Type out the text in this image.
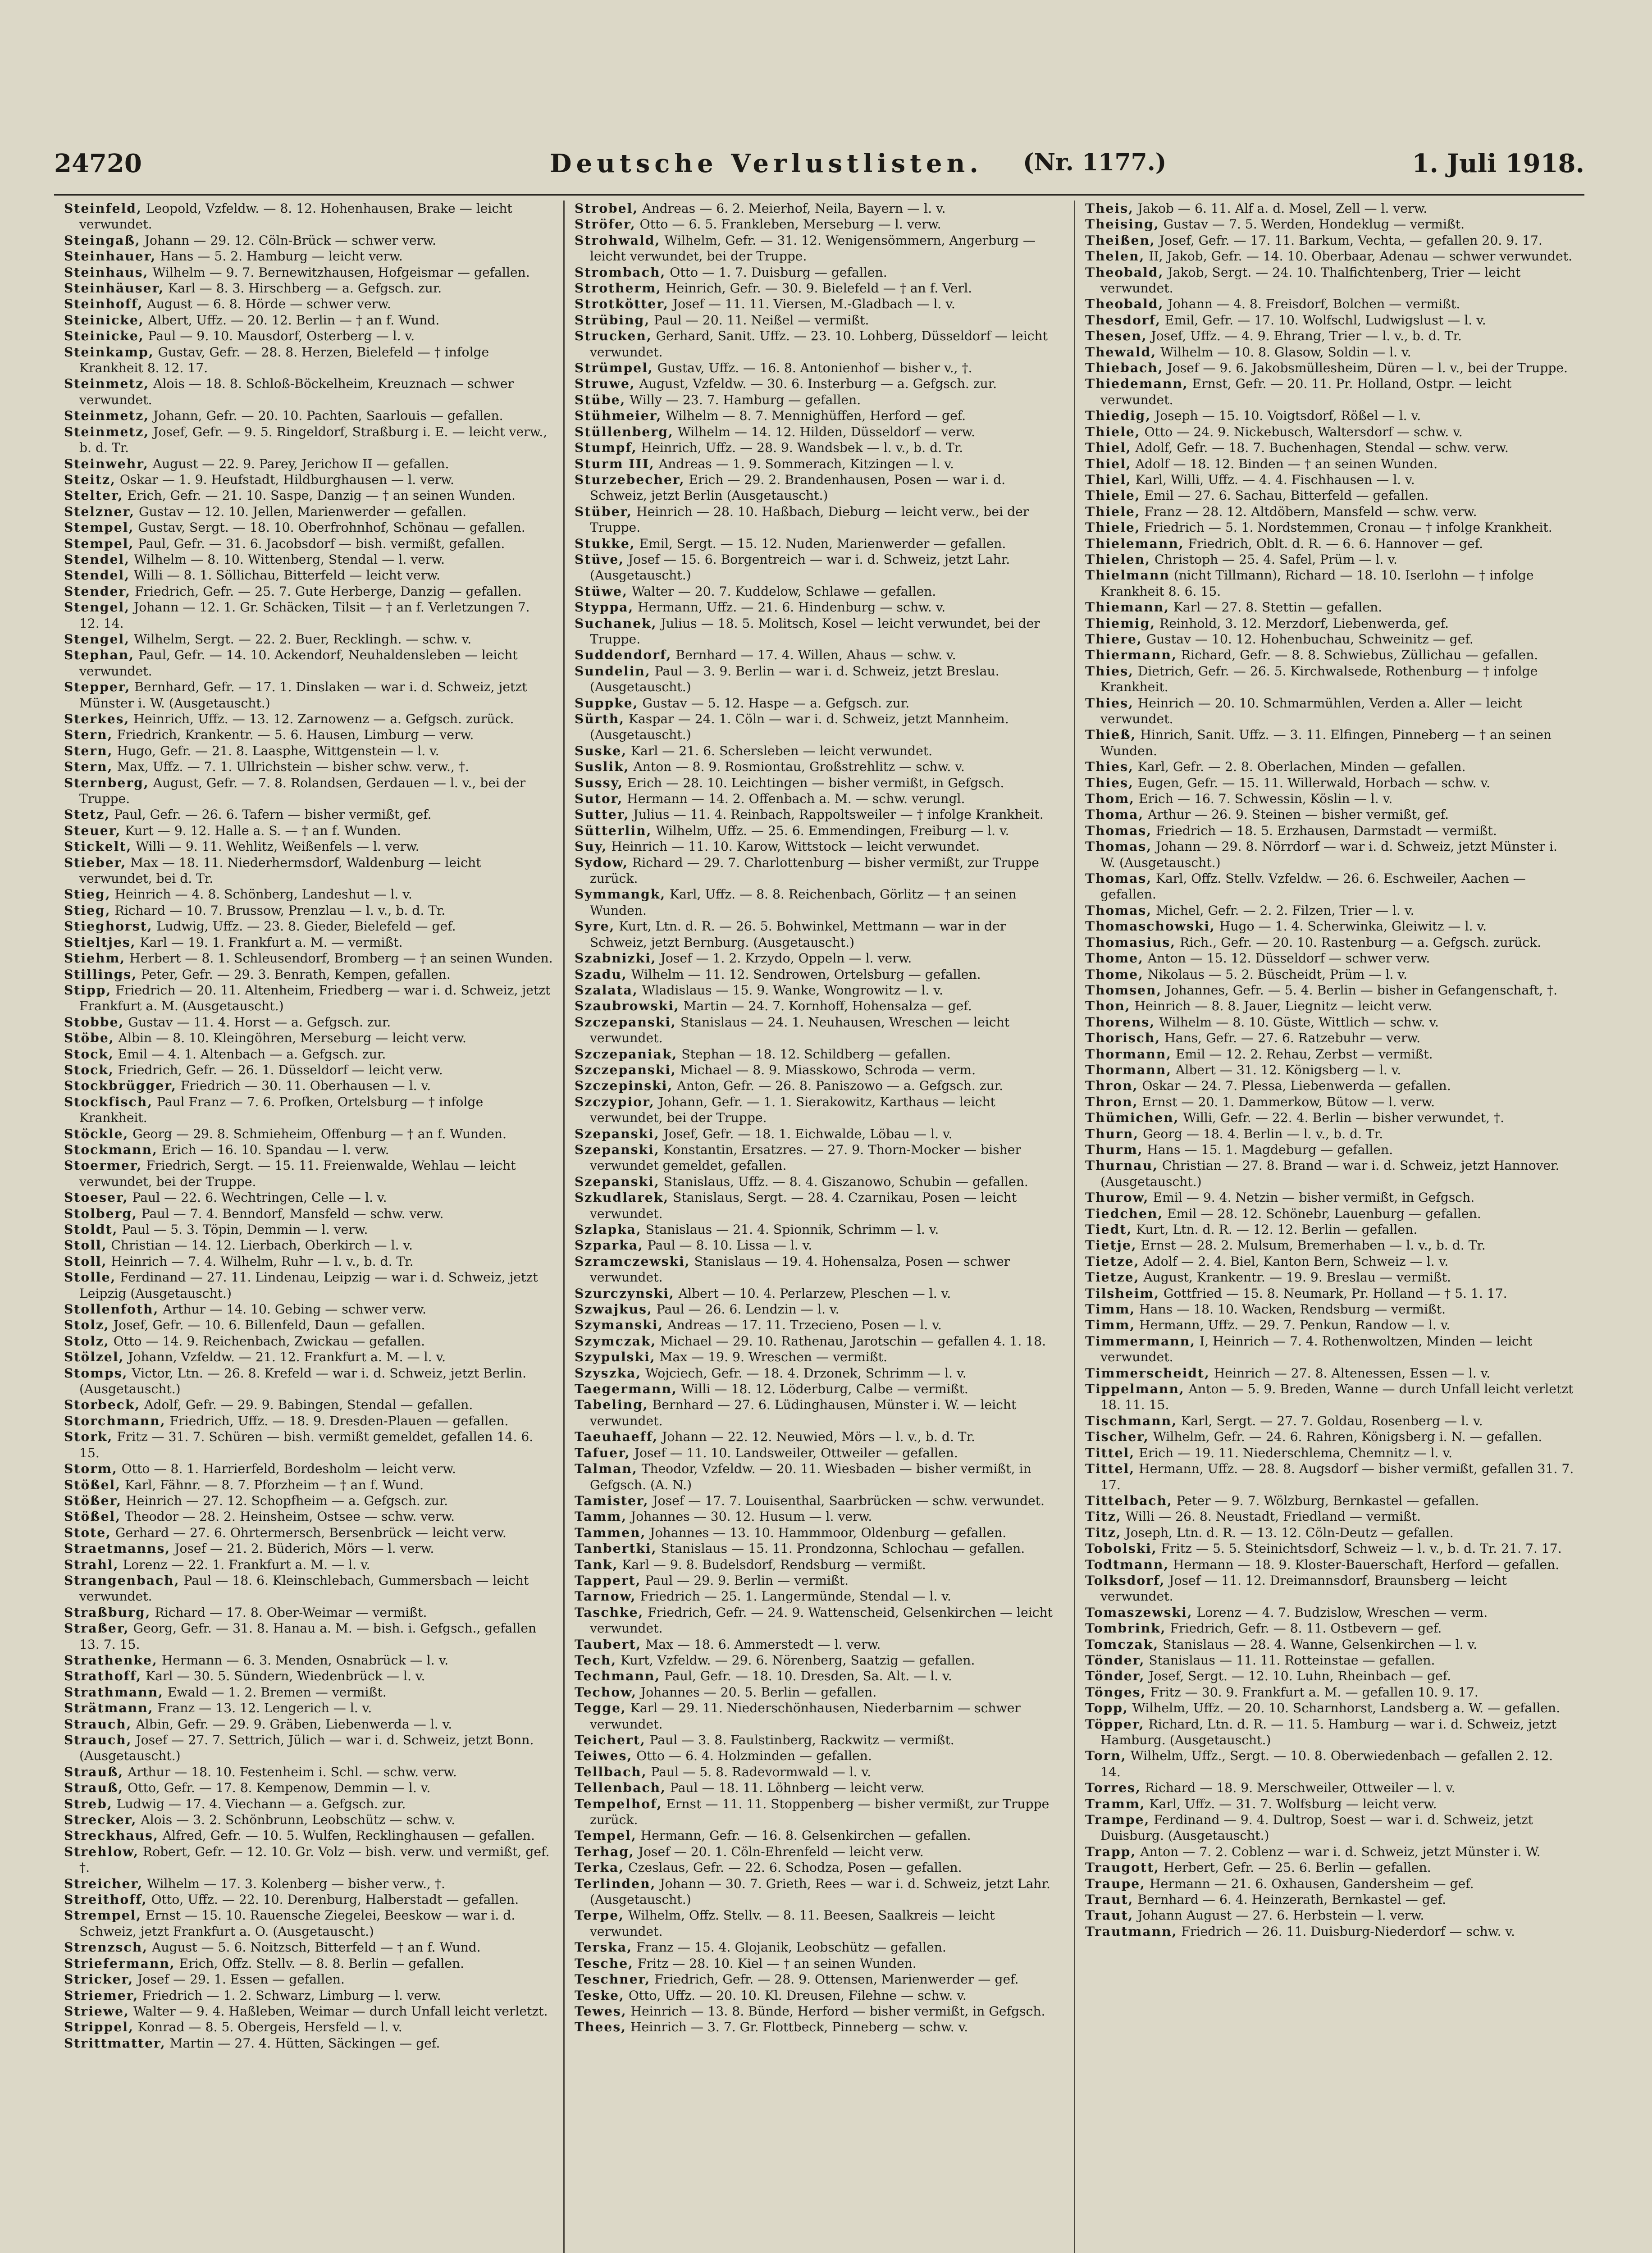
24720	Deutsche Verlustlisten. (Nr. 1177.)	1. Juli 1918.
Steinfeld, Leopold, Vzfeldw. — 8. 12. Hohenhausen, Brake — leicht verwundet.
Steingaß, Johann — 29. 12. Cöln-Brück — schwer verw.
Steinhauer, Hans — 5. 2. Hamburg — leicht verw.
Steinhaus, Wilhelm — 9. 7. Bernewitzhausen, Hofgeismar — gefallen.
Steinhäuser, Karl — 8. 3. Hirschberg — a. Gefgsch. zur.
Steinhoff, August — 6. 8. Hörde — schwer verw.
Steinicke, Albert, Uffz. — 20. 12. Berlin — † an f. Wund.
Steinicke, Paul — 9. 10. Mausdorf, Osterberg — l. v.
Steinkamp, Gustav, Gefr. — 28. 8. Herzen, Bielefeld — † infolge Krankheit 8. 12. 17.
Steinmetz, Alois — 18. 8. Schloß-Böckelheim, Kreuznach — schwer verwundet.
Steinmetz, Johann, Gefr. — 20. 10. Pachten, Saarlouis — gefallen.
Steinmetz, Josef, Gefr. — 9. 5. Ringeldorf, Straßburg i. E. — leicht verw., b. d. Tr.
Steinwehr, August — 22. 9. Parey, Jerichow II — gefallen.
Steitz, Oskar — 1. 9. Heufstadt, Hildburghausen — l. verw.
Stelter, Erich, Gefr. — 21. 10. Saspe, Danzig — † an seinen Wunden.
Stelzner, Gustav — 12. 10. Jellen, Marienwerder — gefallen.
Stempel, Gustav, Sergt. — 18. 10. Oberfrohnhof, Schönau — gefallen.
Stempel, Paul, Gefr. — 31. 6. Jacobsdorf — bish. vermißt, gefallen.
Stendel, Wilhelm — 8. 10. Wittenberg, Stendal — l. verw.
Stendel, Willi — 8. 1. Söllichau, Bitterfeld — leicht verw.
Stender, Friedrich, Gefr. — 25. 7. Gute Herberge, Danzig — gefallen.
Stengel, Johann — 12. 1. Gr. Schäcken, Tilsit — † an f. Verletzungen 7. 12. 14.
Stengel, Wilhelm, Sergt. — 22. 2. Buer, Recklingh. — schw. v.
Stephan, Paul, Gefr. — 14. 10. Ackendorf, Neuhaldensleben — leicht verwundet.
Stepper, Bernhard, Gefr. — 17. 1. Dinslaken — war i. d. Schweiz, jetzt Münster i. W. (Ausgetauscht.)
Sterkes, Heinrich, Uffz. — 13. 12. Zarnowenz — a. Gefgsch. zurück.
Stern, Friedrich, Krankentr. — 5. 6. Hausen, Limburg — verw.
Stern, Hugo, Gefr. — 21. 8. Laasphe, Wittgenstein — l. v.
Stern, Max, Uffz. — 7. 1. Ullrichstein — bisher schw. verw., †.
Sternberg, August, Gefr. — 7. 8. Rolandsen, Gerdauen — l. v., bei der Truppe.
Stetz, Paul, Gefr. — 26. 6. Tafern — bisher vermißt, gef.
Steuer, Kurt — 9. 12. Halle a. S. — † an f. Wunden.
Stickelt, Willi — 9. 11. Wehlitz, Weißenfels — l. verw.
Stieber, Max — 18. 11. Niederhermsdorf, Waldenburg — leicht verwundet, bei d. Tr.
Stieg, Heinrich — 4. 8. Schönberg, Landeshut — l. v.
Stieg, Richard — 10. 7. Brussow, Prenzlau — l. v., b. d. Tr.
Stieghorst, Ludwig, Uffz. — 23. 8. Gieder, Bielefeld — gef.
Stieltjes, Karl — 19. 1. Frankfurt a. M. — vermißt.
Stiehm, Herbert — 8. 1. Schleusendorf, Bromberg — † an seinen Wunden.
Stillings, Peter, Gefr. — 29. 3. Benrath, Kempen, gefallen.
Stipp, Friedrich — 20. 11. Altenheim, Friedberg — war i. d. Schweiz, jetzt Frankfurt a. M. (Ausgetauscht.)
Stobbe, Gustav — 11. 4. Horst — a. Gefgsch. zur.
Stöbe, Albin — 8. 10. Kleingöhren, Merseburg — leicht verw.
Stock, Emil — 4. 1. Altenbach — a. Gefgsch. zur.
Stock, Friedrich, Gefr. — 26. 1. Düsseldorf — leicht verw.
Stockbrügger, Friedrich — 30. 11. Oberhausen — l. v.
Stockfisch, Paul Franz — 7. 6. Profken, Ortelsburg — † infolge Krankheit.
Stöckle, Georg — 29. 8. Schmieheim, Offenburg — † an f. Wunden.
Stockmann, Erich — 16. 10. Spandau — l. verw.
Stoermer, Friedrich, Sergt. — 15. 11. Freienwalde, Wehlau — leicht verwundet, bei der Truppe.
Stoeser, Paul — 22. 6. Wechtringen, Celle — l. v.
Stolberg, Paul — 7. 4. Benndorf, Mansfeld — schw. verw.
Stoldt, Paul — 5. 3. Töpin, Demmin — l. verw.
Stoll, Christian — 14. 12. Lierbach, Oberkirch — l. v.
Stoll, Heinrich — 7. 4. Wilhelm, Ruhr — l. v., b. d. Tr.
Stolle, Ferdinand — 27. 11. Lindenau, Leipzig — war i. d. Schweiz, jetzt Leipzig (Ausgetauscht.)
Stollenfoth, Arthur — 14. 10. Gebing — schwer verw.
Stolz, Josef, Gefr. — 10. 6. Billenfeld, Daun — gefallen.
Stolz, Otto — 14. 9. Reichenbach, Zwickau — gefallen.
Stölzel, Johann, Vzfeldw. — 21. 12. Frankfurt a. M. — l. v.
Stomps, Victor, Ltn. — 26. 8. Krefeld — war i. d. Schweiz, jetzt Berlin. (Ausgetauscht.)
Storbeck, Adolf, Gefr. — 29. 9. Babingen, Stendal — gefallen.
Storchmann, Friedrich, Uffz. — 18. 9. Dresden-Plauen — gefallen.
Stork, Fritz — 31. 7. Schüren — bish. vermißt gemeldet, gefallen 14. 6. 15.
Storm, Otto — 8. 1. Harrierfeld, Bordesholm — leicht verw.
Stößel, Karl, Fähnr. — 8. 7. Pforzheim — † an f. Wund.
Stößer, Heinrich — 27. 12. Schopfheim — a. Gefgsch. zur.
Stößel, Theodor — 28. 2. Heinsheim, Ostsee — schw. verw.
Stote, Gerhard — 27. 6. Ohrtermersch, Bersenbrück — leicht verw.
Straetmanns, Josef — 21. 2. Büderich, Mörs — l. verw.
Strahl, Lorenz — 22. 1. Frankfurt a. M. — l. v.
Strangenbach, Paul — 18. 6. Kleinschlebach, Gummersbach — leicht verwundet.
Straßburg, Richard — 17. 8. Ober-Weimar — vermißt.
Straßer, Georg, Gefr. — 31. 8. Hanau a. M. — bish. i. Gefgsch., gefallen 13. 7. 15.
Strathenke, Hermann — 6. 3. Menden, Osnabrück — l. v.
Strathoff, Karl — 30. 5. Sündern, Wiedenbrück — l. v.
Strathmann, Ewald — 1. 2. Bremen — vermißt.
Strätmann, Franz — 13. 12. Lengerich — l. v.
Strauch, Albin, Gefr. — 29. 9. Gräben, Liebenwerda — l. v.
Strauch, Josef — 27. 7. Settrich, Jülich — war i. d. Schweiz, jetzt Bonn. (Ausgetauscht.)
Strauß, Arthur — 18. 10. Festenheim i. Schl. — schw. verw.
Strauß, Otto, Gefr. — 17. 8. Kempenow, Demmin — l. v.
Streb, Ludwig — 17. 4. Viechann — a. Gefgsch. zur.
Strecker, Alois — 3. 2. Schönbrunn, Leobschütz — schw. v.
Streckhaus, Alfred, Gefr. — 10. 5. Wulfen, Recklinghausen — gefallen.
Strehlow, Robert, Gefr. — 12. 10. Gr. Volz — bish. verw. und vermißt, gef. †.
Streicher, Wilhelm — 17. 3. Kolenberg — bisher verw., †.
Streithoff, Otto, Uffz. — 22. 10. Derenburg, Halberstadt — gefallen.
Strempel, Ernst — 15. 10. Rauensche Ziegelei, Beeskow — war i. d. Schweiz, jetzt Frankfurt a. O. (Ausgetauscht.)
Strenzsch, August — 5. 6. Noitzsch, Bitterfeld — † an f. Wund.
Striefermann, Erich, Offz. Stellv. — 8. 8. Berlin — gefallen.
Stricker, Josef — 29. 1. Essen — gefallen.
Striemer, Friedrich — 1. 2. Schwarz, Limburg — l. verw.
Striewe, Walter — 9. 4. Haßleben, Weimar — durch Unfall leicht verletzt.
Strippel, Konrad — 8. 5. Obergeis, Hersfeld — l. v.
Strittmatter, Martin — 27. 4. Hütten, Säckingen — gef.
Strobel, Andreas — 6. 2. Meierhof, Neila, Bayern — l. v.
Ströfer, Otto — 6. 5. Frankleben, Merseburg — l. verw.
Strohwald, Wilhelm, Gefr. — 31. 12. Wenigensömmern, Angerburg — leicht verwundet, bei der Truppe.
Strombach, Otto — 1. 7. Duisburg — gefallen.
Strotherm, Heinrich, Gefr. — 30. 9. Bielefeld — † an f. Verl.
Strotkötter, Josef — 11. 11. Viersen, M.-Gladbach — l. v.
Strübing, Paul — 20. 11. Neißel — vermißt.
Strucken, Gerhard, Sanit. Uffz. — 23. 10. Lohberg, Düsseldorf — leicht verwundet.
Strümpel, Gustav, Uffz. — 16. 8. Antonienhof — bisher v., †.
Struwe, August, Vzfeldw. — 30. 6. Insterburg — a. Gefgsch. zur.
Stübe, Willy — 23. 7. Hamburg — gefallen.
Stühmeier, Wilhelm — 8. 7. Mennighüffen, Herford — gef.
Stüllenberg, Wilhelm — 14. 12. Hilden, Düsseldorf — verw.
Stumpf, Heinrich, Uffz. — 28. 9. Wandsbek — l. v., b. d. Tr.
Sturm III, Andreas — 1. 9. Sommerach, Kitzingen — l. v.
Sturzebecher, Erich — 29. 2. Brandenhausen, Posen — war i. d. Schweiz, jetzt Berlin (Ausgetauscht.)
Stüber, Heinrich — 28. 10. Haßbach, Dieburg — leicht verw., bei der Truppe.
Stukke, Emil, Sergt. — 15. 12. Nuden, Marienwerder — gefallen.
Stüve, Josef — 15. 6. Borgentreich — war i. d. Schweiz, jetzt Lahr. (Ausgetauscht.)
Stüwe, Walter — 20. 7. Kuddelow, Schlawe — gefallen.
Styppa, Hermann, Uffz. — 21. 6. Hindenburg — schw. v.
Suchanek, Julius — 18. 5. Molitsch, Kosel — leicht verwundet, bei der Truppe.
Suddendorf, Bernhard — 17. 4. Willen, Ahaus — schw. v.
Sundelin, Paul — 3. 9. Berlin — war i. d. Schweiz, jetzt Breslau. (Ausgetauscht.)
Suppke, Gustav — 5. 12. Haspe — a. Gefgsch. zur.
Sürth, Kaspar — 24. 1. Cöln — war i. d. Schweiz, jetzt Mannheim. (Ausgetauscht.)
Suske, Karl — 21. 6. Schersleben — leicht verwundet.
Suslik, Anton — 8. 9. Rosmiontau, Großstrehlitz — schw. v.
Sussy, Erich — 28. 10. Leichtingen — bisher vermißt, in Gefgsch.
Sutor, Hermann — 14. 2. Offenbach a. M. — schw. verungl.
Sutter, Julius — 11. 4. Reinbach, Rappoltsweiler — † infolge Krankheit.
Sütterlin, Wilhelm, Uffz. — 25. 6. Emmendingen, Freiburg — l. v.
Suy, Heinrich — 11. 10. Karow, Wittstock — leicht verwundet.
Sydow, Richard — 29. 7. Charlottenburg — bisher vermißt, zur Truppe zurück.
Symmangk, Karl, Uffz. — 8. 8. Reichenbach, Görlitz — † an seinen Wunden.
Syre, Kurt, Ltn. d. R. — 26. 5. Bohwinkel, Mettmann — war in der Schweiz, jetzt Bernburg. (Ausgetauscht.)
Szabnizki, Josef — 1. 2. Krzydo, Oppeln — l. verw.
Szadu, Wilhelm — 11. 12. Sendrowen, Ortelsburg — gefallen.
Szalata, Wladislaus — 15. 9. Wanke, Wongrowitz — l. v.
Szaubrowski, Martin — 24. 7. Kornhoff, Hohensalza — gef.
Szczepanski, Stanislaus — 24. 1. Neuhausen, Wreschen — leicht verwundet.
Szczepaniak, Stephan — 18. 12. Schildberg — gefallen.
Szczepanski, Michael — 8. 9. Miasskowo, Schroda — verm.
Szczepinski, Anton, Gefr. — 26. 8. Paniszowo — a. Gefgsch. zur.
Szczypior, Johann, Gefr. — 1. 1. Sierakowitz, Karthaus — leicht verwundet, bei der Truppe.
Szepanski, Josef, Gefr. — 18. 1. Eichwalde, Löbau — l. v.
Szepanski, Konstantin, Ersatzres. — 27. 9. Thorn-Mocker — bisher verwundet gemeldet, gefallen.
Szepanski, Stanislaus, Uffz. — 8. 4. Giszanowo, Schubin — gefallen.
Szkudlarek, Stanislaus, Sergt. — 28. 4. Czarnikau, Posen — leicht verwundet.
Szlapka, Stanislaus — 21. 4. Spionnik, Schrimm — l. v.
Szparka, Paul — 8. 10. Lissa — l. v.
Szramczewski, Stanislaus — 19. 4. Hohensalza, Posen — schwer verwundet.
Szurczynski, Albert — 10. 4. Perlarzew, Pleschen — l. v.
Szwajkus, Paul — 26. 6. Lendzin — l. v.
Szymanski, Andreas — 17. 11. Trzecieno, Posen — l. v.
Szymczak, Michael — 29. 10. Rathenau, Jarotschin — gefallen 4. 1. 18.
Szypulski, Max — 19. 9. Wreschen — vermißt.
Szyszka, Wojciech, Gefr. — 18. 4. Drzonek, Schrimm — l. v.
Taegermann, Willi — 18. 12. Löderburg, Calbe — vermißt.
Tabeling, Bernhard — 27. 6. Lüdinghausen, Münster i. W. — leicht verwundet.
Taeuhaeff, Johann — 22. 12. Neuwied, Mörs — l. v., b. d. Tr.
Tafuer, Josef — 11. 10. Landsweiler, Ottweiler — gefallen.
Talman, Theodor, Vzfeldw. — 20. 11. Wiesbaden — bisher vermißt, in Gefgsch. (A. N.)
Tamister, Josef — 17. 7. Louisenthal, Saarbrücken — schw. verwundet.
Tamm, Johannes — 30. 12. Husum — l. verw.
Tammen, Johannes — 13. 10. Hammmoor, Oldenburg — gefallen.
Tanbertki, Stanislaus — 15. 11. Prondzonna, Schlochau — gefallen.
Tank, Karl — 9. 8. Budelsdorf, Rendsburg — vermißt.
Tappert, Paul — 29. 9. Berlin — vermißt.
Tarnow, Friedrich — 25. 1. Langermünde, Stendal — l. v.
Taschke, Friedrich, Gefr. — 24. 9. Wattenscheid, Gelsenkirchen — leicht verwundet.
Taubert, Max — 18. 6. Ammerstedt — l. verw.
Tech, Kurt, Vzfeldw. — 29. 6. Nörenberg, Saatzig — gefallen.
Techmann, Paul, Gefr. — 18. 10. Dresden, Sa. Alt. — l. v.
Techow, Johannes — 20. 5. Berlin — gefallen.
Tegge, Karl — 29. 11. Niederschönhausen, Niederbarnim — schwer verwundet.
Teichert, Paul — 3. 8. Faulstinberg, Rackwitz — vermißt.
Teiwes, Otto — 6. 4. Holzminden — gefallen.
Tellbach, Paul — 5. 8. Radevormwald — l. v.
Tellenbach, Paul — 18. 11. Löhnberg — leicht verw.
Tempelhof, Ernst — 11. 11. Stoppenberg — bisher vermißt, zur Truppe zurück.
Tempel, Hermann, Gefr. — 16. 8. Gelsenkirchen — gefallen.
Terhag, Josef — 20. 1. Cöln-Ehrenfeld — leicht verw.
Terka, Czeslaus, Gefr. — 22. 6. Schodza, Posen — gefallen.
Terlinden, Johann — 30. 7. Grieth, Rees — war i. d. Schweiz, jetzt Lahr. (Ausgetauscht.)
Terpe, Wilhelm, Offz. Stellv. — 8. 11. Beesen, Saalkreis — leicht verwundet.
Terska, Franz — 15. 4. Glojanik, Leobschütz — gefallen.
Tesche, Fritz — 28. 10. Kiel — † an seinen Wunden.
Teschner, Friedrich, Gefr. — 28. 9. Ottensen, Marienwerder — gef.
Teske, Otto, Uffz. — 20. 10. Kl. Dreusen, Filehne — schw. v.
Tewes, Heinrich — 13. 8. Bünde, Herford — bisher vermißt, in Gefgsch.
Thees, Heinrich — 3. 7. Gr. Flottbeck, Pinneberg — schw. v.
Theis, Jakob — 6. 11. Alf a. d. Mosel, Zell — l. verw.
Theising, Gustav — 7. 5. Werden, Hondeklug — vermißt.
Theißen, Josef, Gefr. — 17. 11. Barkum, Vechta, — gefallen 20. 9. 17.
Thelen, II, Jakob, Gefr. — 14. 10. Oberbaar, Adenau — schwer verwundet.
Theobald, Jakob, Sergt. — 24. 10. Thalfichtenberg, Trier — leicht verwundet.
Theobald, Johann — 4. 8. Freisdorf, Bolchen — vermißt.
Thesdorf, Emil, Gefr. — 17. 10. Wolfschl, Ludwigslust — l. v.
Thesen, Josef, Uffz. — 4. 9. Ehrang, Trier — l. v., b. d. Tr.
Thewald, Wilhelm — 10. 8. Glasow, Soldin — l. v.
Thiebach, Josef — 9. 6. Jakobsmüllesheim, Düren — l. v., bei der Truppe.
Thiedemann, Ernst, Gefr. — 20. 11. Pr. Holland, Ostpr. — leicht verwundet.
Thiedig, Joseph — 15. 10. Voigtsdorf, Rößel — l. v.
Thiele, Otto — 24. 9. Nickebusch, Waltersdorf — schw. v.
Thiel, Adolf, Gefr. — 18. 7. Buchenhagen, Stendal — schw. verw.
Thiel, Adolf — 18. 12. Binden — † an seinen Wunden.
Thiel, Karl, Willi, Uffz. — 4. 4. Fischhausen — l. v.
Thiele, Emil — 27. 6. Sachau, Bitterfeld — gefallen.
Thiele, Franz — 28. 12. Altdöbern, Mansfeld — schw. verw.
Thiele, Friedrich — 5. 1. Nordstemmen, Cronau — † infolge Krankheit.
Thielemann, Friedrich, Oblt. d. R. — 6. 6. Hannover — gef.
Thielen, Christoph — 25. 4. Safel, Prüm — l. v.
Thielmann (nicht Tillmann), Richard — 18. 10. Iserlohn — † infolge Krankheit 8. 6. 15.
Thiemann, Karl — 27. 8. Stettin — gefallen.
Thiemig, Reinhold, 3. 12. Merzdorf, Liebenwerda, gef.
Thiere, Gustav — 10. 12. Hohenbuchau, Schweinitz — gef.
Thiermann, Richard, Gefr. — 8. 8. Schwiebus, Züllichau — gefallen.
Thies, Dietrich, Gefr. — 26. 5. Kirchwalsede, Rothenburg — † infolge Krankheit.
Thies, Heinrich — 20. 10. Schmarmühlen, Verden a. Aller — leicht verwundet.
Thieß, Hinrich, Sanit. Uffz. — 3. 11. Elfingen, Pinneberg — † an seinen Wunden.
Thies, Karl, Gefr. — 2. 8. Oberlachen, Minden — gefallen.
Thies, Eugen, Gefr. — 15. 11. Willerwald, Horbach — schw. v.
Thom, Erich — 16. 7. Schwessin, Köslin — l. v.
Thoma, Arthur — 26. 9. Steinen — bisher vermißt, gef.
Thomas, Friedrich — 18. 5. Erzhausen, Darmstadt — vermißt.
Thomas, Johann — 29. 8. Nörrdorf — war i. d. Schweiz, jetzt Münster i. W. (Ausgetauscht.)
Thomas, Karl, Offz. Stellv. Vzfeldw. — 26. 6. Eschweiler, Aachen — gefallen.
Thomas, Michel, Gefr. — 2. 2. Filzen, Trier — l. v.
Thomaschowski, Hugo — 1. 4. Scherwinka, Gleiwitz — l. v.
Thomasius, Rich., Gefr. — 20. 10. Rastenburg — a. Gefgsch. zurück.
Thome, Anton — 15. 12. Düsseldorf — schwer verw.
Thome, Nikolaus — 5. 2. Büscheidt, Prüm — l. v.
Thomsen, Johannes, Gefr. — 5. 4. Berlin — bisher in Gefangenschaft, †.
Thon, Heinrich — 8. 8. Jauer, Liegnitz — leicht verw.
Thorens, Wilhelm — 8. 10. Güste, Wittlich — schw. v.
Thorisch, Hans, Gefr. — 27. 6. Ratzebuhr — verw.
Thormann, Emil — 12. 2. Rehau, Zerbst — vermißt.
Thormann, Albert — 31. 12. Königsberg — l. v.
Thron, Oskar — 24. 7. Plessa, Liebenwerda — gefallen.
Thron, Ernst — 20. 1. Dammerkow, Bütow — l. verw.
Thümichen, Willi, Gefr. — 22. 4. Berlin — bisher verwundet, †.
Thurn, Georg — 18. 4. Berlin — l. v., b. d. Tr.
Thurm, Hans — 15. 1. Magdeburg — gefallen.
Thurnau, Christian — 27. 8. Brand — war i. d. Schweiz, jetzt Hannover. (Ausgetauscht.)
Thurow, Emil — 9. 4. Netzin — bisher vermißt, in Gefgsch.
Tiedchen, Emil — 28. 12. Schönebr, Lauenburg — gefallen.
Tiedt, Kurt, Ltn. d. R. — 12. 12. Berlin — gefallen.
Tietje, Ernst — 28. 2. Mulsum, Bremerhaben — l. v., b. d. Tr.
Tietze, Adolf — 2. 4. Biel, Kanton Bern, Schweiz — l. v.
Tietze, August, Krankentr. — 19. 9. Breslau — vermißt.
Tilsheim, Gottfried — 15. 8. Neumark, Pr. Holland — † 5. 1. 17.
Timm, Hans — 18. 10. Wacken, Rendsburg — vermißt.
Timm, Hermann, Uffz. — 29. 7. Penkun, Randow — l. v.
Timmermann, I, Heinrich — 7. 4. Rothenwoltzen, Minden — leicht verwundet.
Timmerscheidt, Heinrich — 27. 8. Altenessen, Essen — l. v.
Tippelmann, Anton — 5. 9. Breden, Wanne — durch Unfall leicht verletzt 18. 11. 15.
Tischmann, Karl, Sergt. — 27. 7. Goldau, Rosenberg — l. v.
Tischer, Wilhelm, Gefr. — 24. 6. Rahren, Königsberg i. N. — gefallen.
Tittel, Erich — 19. 11. Niederschlema, Chemnitz — l. v.
Tittel, Hermann, Uffz. — 28. 8. Augsdorf — bisher vermißt, gefallen 31. 7. 17.
Tittelbach, Peter — 9. 7. Wölzburg, Bernkastel — gefallen.
Titz, Willi — 26. 8. Neustadt, Friedland — vermißt.
Titz, Joseph, Ltn. d. R. — 13. 12. Cöln-Deutz — gefallen.
Tobolski, Fritz — 5. 5. Steinichtsdorf, Schweiz — l. v., b. d. Tr. 21. 7. 17.
Todtmann, Hermann — 18. 9. Kloster-Bauerschaft, Herford — gefallen.
Tolksdorf, Josef — 11. 12. Dreimannsdorf, Braunsberg — leicht verwundet.
Tomaszewski, Lorenz — 4. 7. Budzislow, Wreschen — verm.
Tombrink, Friedrich, Gefr. — 8. 11. Ostbevern — gef.
Tomczak, Stanislaus — 28. 4. Wanne, Gelsenkirchen — l. v.
Tönder, Stanislaus — 11. 11. Rotteinstae — gefallen.
Tönder, Josef, Sergt. — 12. 10. Luhn, Rheinbach — gef.
Tönges, Fritz — 30. 9. Frankfurt a. M. — gefallen 10. 9. 17.
Topp, Wilhelm, Uffz. — 20. 10. Scharnhorst, Landsberg a. W. — gefallen.
Töpper, Richard, Ltn. d. R. — 11. 5. Hamburg — war i. d. Schweiz, jetzt Hamburg. (Ausgetauscht.)
Torn, Wilhelm, Uffz., Sergt. — 10. 8. Oberwiedenbach — gefallen 2. 12. 14.
Torres, Richard — 18. 9. Merschweiler, Ottweiler — l. v.
Tramm, Karl, Uffz. — 31. 7. Wolfsburg — leicht verw.
Trampe, Ferdinand — 9. 4. Dultrop, Soest — war i. d. Schweiz, jetzt Duisburg. (Ausgetauscht.)
Trapp, Anton — 7. 2. Coblenz — war i. d. Schweiz, jetzt Münster i. W.
Traugott, Herbert, Gefr. — 25. 6. Berlin — gefallen.
Traupe, Hermann — 21. 6. Oxhausen, Gandersheim — gef.
Traut, Bernhard — 6. 4. Heinzerath, Bernkastel — gef.
Traut, Johann August — 27. 6. Herbstein — l. verw.
Trautmann, Friedrich — 26. 11. Duisburg-Niederdorf — schw. v.
